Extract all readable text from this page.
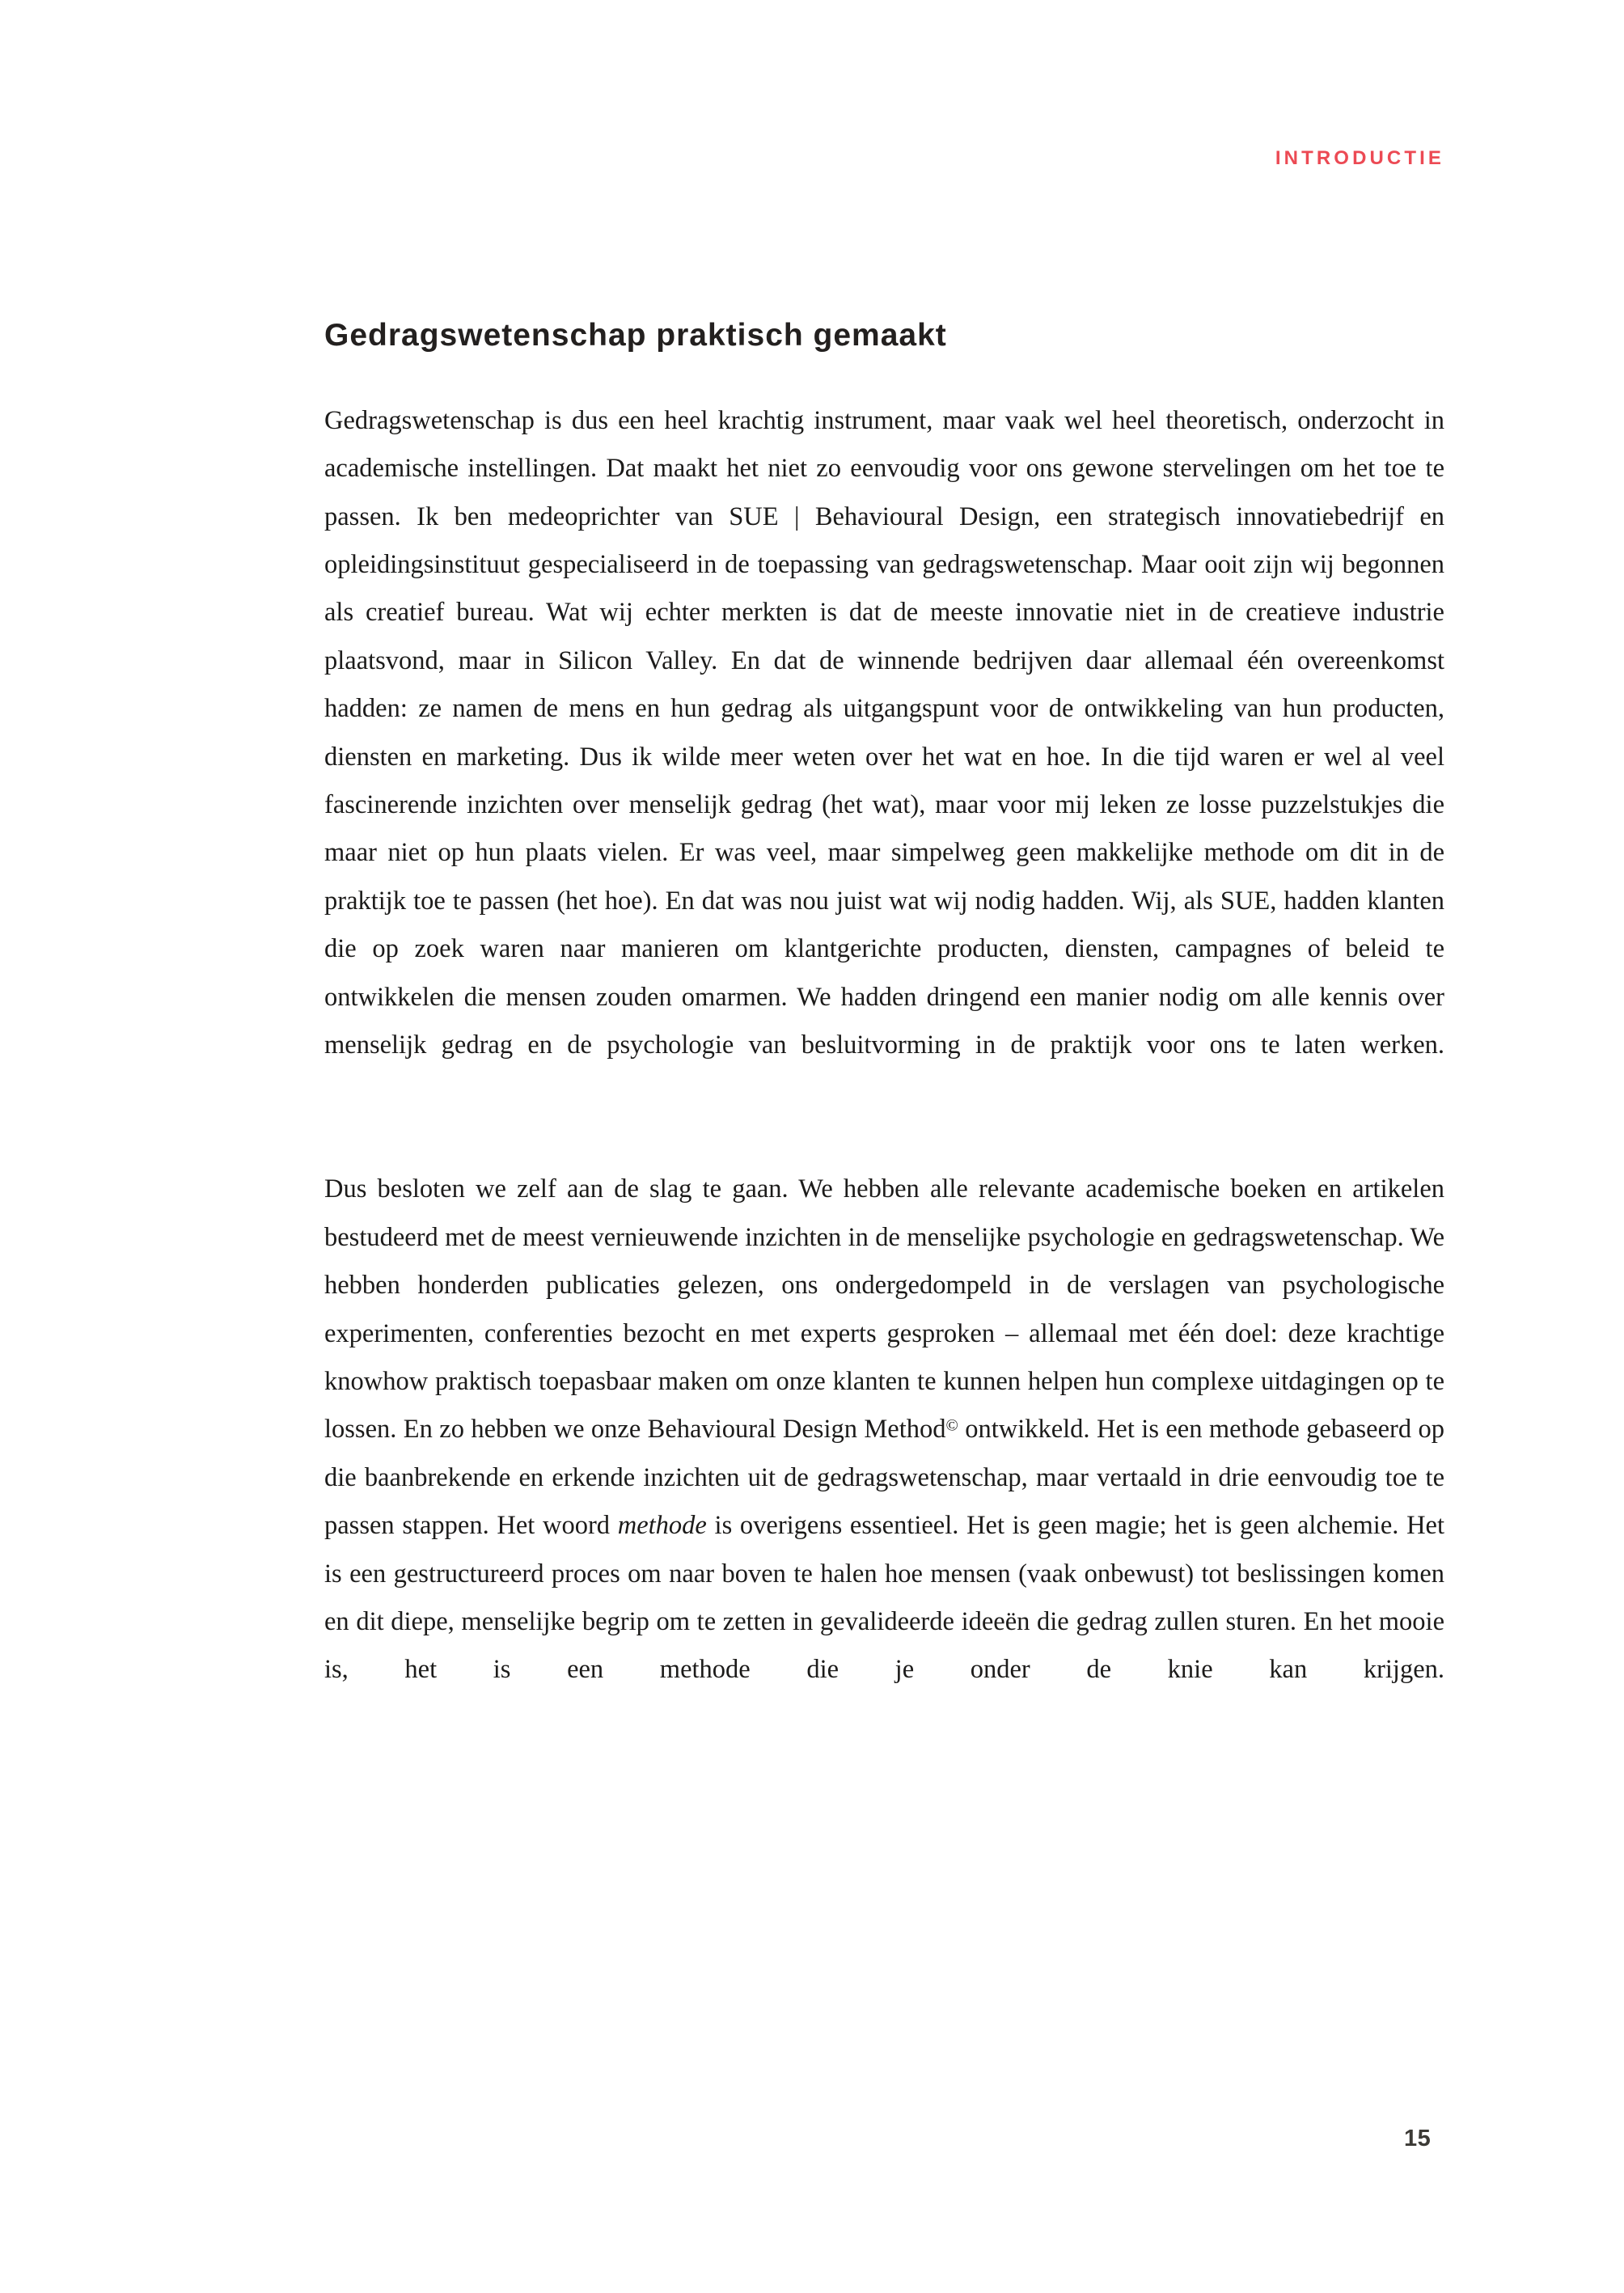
INTRODUCTIE
Gedragswetenschap praktisch gemaakt

Gedragswetenschap is dus een heel krachtig instrument, maar vaak wel heel theoretisch, onderzocht in academische instellingen. Dat maakt het niet zo eenvoudig voor ons gewone stervelingen om het toe te passen. Ik ben medeoprichter van SUE | Behavioural Design, een strategisch innovatiebedrijf en opleidingsinstituut gespecialiseerd in de toepassing van gedragswetenschap. Maar ooit zijn wij begonnen als creatief bureau. Wat wij echter merkten is dat de meeste innovatie niet in de creatieve industrie plaatsvond, maar in Silicon Valley. En dat de winnende bedrijven daar allemaal één overeenkomst hadden: ze namen de mens en hun gedrag als uitgangspunt voor de ontwikkeling van hun producten, diensten en marketing. Dus ik wilde meer weten over het wat en hoe. In die tijd waren er wel al veel fascinerende inzichten over menselijk gedrag (het wat), maar voor mij leken ze losse puzzelstukjes die maar niet op hun plaats vielen. Er was veel, maar simpelweg geen makkelijke methode om dit in de praktijk toe te passen (het hoe). En dat was nou juist wat wij nodig hadden. Wij, als SUE, hadden klanten die op zoek waren naar manieren om klantgerichte producten, diensten, campagnes of beleid te ontwikkelen die mensen zouden omarmen. We hadden dringend een manier nodig om alle kennis over menselijk gedrag en de psychologie van besluitvorming in de praktijk voor ons te laten werken.

Dus besloten we zelf aan de slag te gaan. We hebben alle relevante academische boeken en artikelen bestudeerd met de meest vernieuwende inzichten in de menselijke psychologie en gedragswetenschap. We hebben honderden publicaties gelezen, ons ondergedompeld in de verslagen van psychologische experimenten, conferenties bezocht en met experts gesproken – allemaal met één doel: deze krachtige knowhow praktisch toepasbaar maken om onze klanten te kunnen helpen hun complexe uitdagingen op te lossen. En zo hebben we onze Behavioural Design Method© ontwikkeld. Het is een methode gebaseerd op die baanbrekende en erkende inzichten uit de gedragswetenschap, maar vertaald in drie eenvoudig toe te passen stappen. Het woord methode is overigens essentieel. Het is geen magie; het is geen alchemie. Het is een gestructureerd proces om naar boven te halen hoe mensen (vaak onbewust) tot beslissingen komen en dit diepe, menselijke begrip om te zetten in gevalideerde ideeën die gedrag zullen sturen. En het mooie is, het is een methode die je onder de knie kan krijgen.

15
